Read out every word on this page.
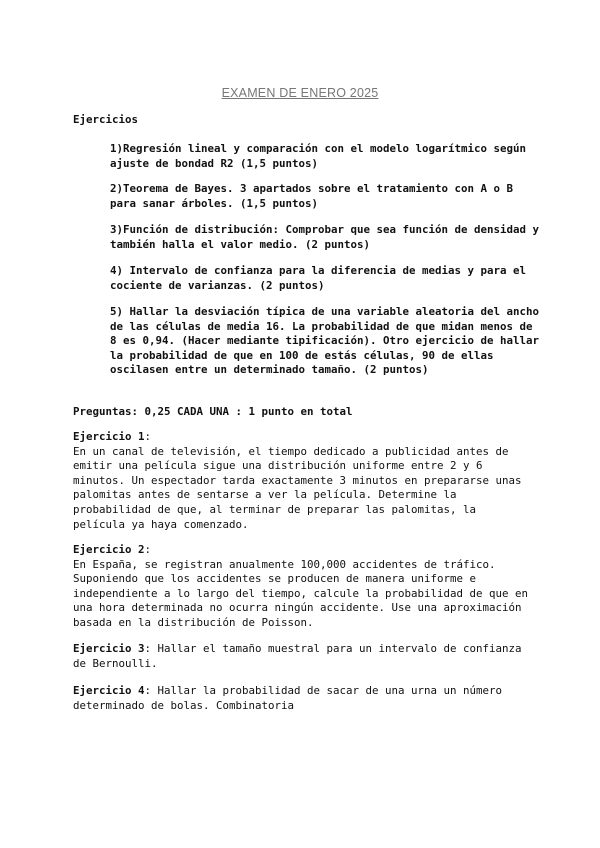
EXAMEN DE ENERO 2025
Ejercicios
1)Regresión lineal y comparación con el modelo logarítmico según ajuste de bondad R2 (1,5 puntos)
2)Teorema de Bayes. 3 apartados sobre el tratamiento con A o B para sanar árboles. (1,5 puntos)
3)Función de distribución: Comprobar que sea función de densidad y también halla el valor medio. (2 puntos)
4) Intervalo de confianza para la diferencia de medias y para el cociente de varianzas. (2 puntos)
5) Hallar la desviación típica de una variable aleatoria del ancho de las células de media 16. La probabilidad de que midan menos de 8 es 0,94. (Hacer mediante tipificación). Otro ejercicio de hallar la probabilidad de que en 100 de estás células, 90 de ellas oscilasen entre un determinado tamaño. (2 puntos)
Preguntas: 0,25 CADA UNA : 1 punto en total
Ejercicio 1:
En un canal de televisión, el tiempo dedicado a publicidad antes de emitir una película sigue una distribución uniforme entre 2 y 6 minutos. Un espectador tarda exactamente 3 minutos en prepararse unas palomitas antes de sentarse a ver la película. Determine la probabilidad de que, al terminar de preparar las palomitas, la película ya haya comenzado.
Ejercicio 2:
En España, se registran anualmente 100,000 accidentes de tráfico. Suponiendo que los accidentes se producen de manera uniforme e independiente a lo largo del tiempo, calcule la probabilidad de que en una hora determinada no ocurra ningún accidente. Use una aproximación basada en la distribución de Poisson.
Ejercicio 3: Hallar el tamaño muestral para un intervalo de confianza de Bernoulli.
Ejercicio 4: Hallar la probabilidad de sacar de una urna un número determinado de bolas. Combinatoria
